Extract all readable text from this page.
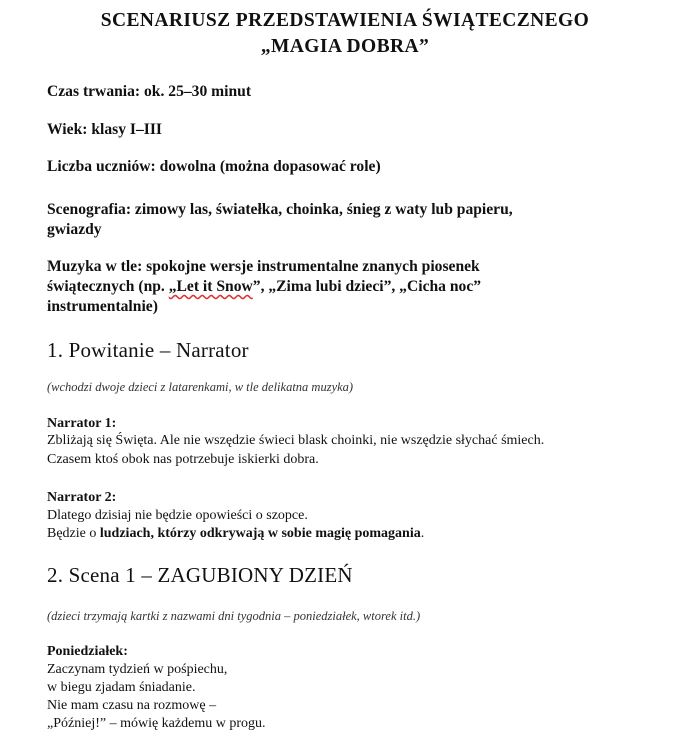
SCENARIUSZ PRZEDSTAWIENIA ŚWIĄTECZNEGO
„MAGIA DOBRA”

Czas trwania: ok. 25–30 minut

Wiek: klasy I–III

Liczba uczniów: dowolna (można dopasować role)

Scenografia: zimowy las, światełka, choinka, śnieg z waty lub papieru,
gwiazdy
Muzyka w tle: spokojne wersje instrumentalne znanych piosenek
świątecznych (np. „Let it Snow”, „Zima lubi dzieci”, „Cicha noc”
instrumentalnie)
1. Powitanie – Narrator

(wchodzi dwoje dzieci z latarenkami, w tle delikatna muzyka)

Narrator 1:

Zbliżają się Święta. Ale nie wszędzie świeci blask choinki, nie wszędzie słychać śmiech.

Czasem ktoś obok nas potrzebuje iskierki dobra.

Narrator 2:

Dlatego dzisiaj nie będzie opowieści o szopce.

Będzie o ludziach, którzy odkrywają w sobie magię pomagania.

2. Scena 1 – ZAGUBIONY DZIEŃ

(dzieci trzymają kartki z nazwami dni tygodnia – poniedziałek, wtorek itd.)

Poniedziałek:

Zaczynam tydzień w pośpiechu,

w biegu zjadam śniadanie.

Nie mam czasu na rozmowę –

„Później!” – mówię każdemu w progu.
